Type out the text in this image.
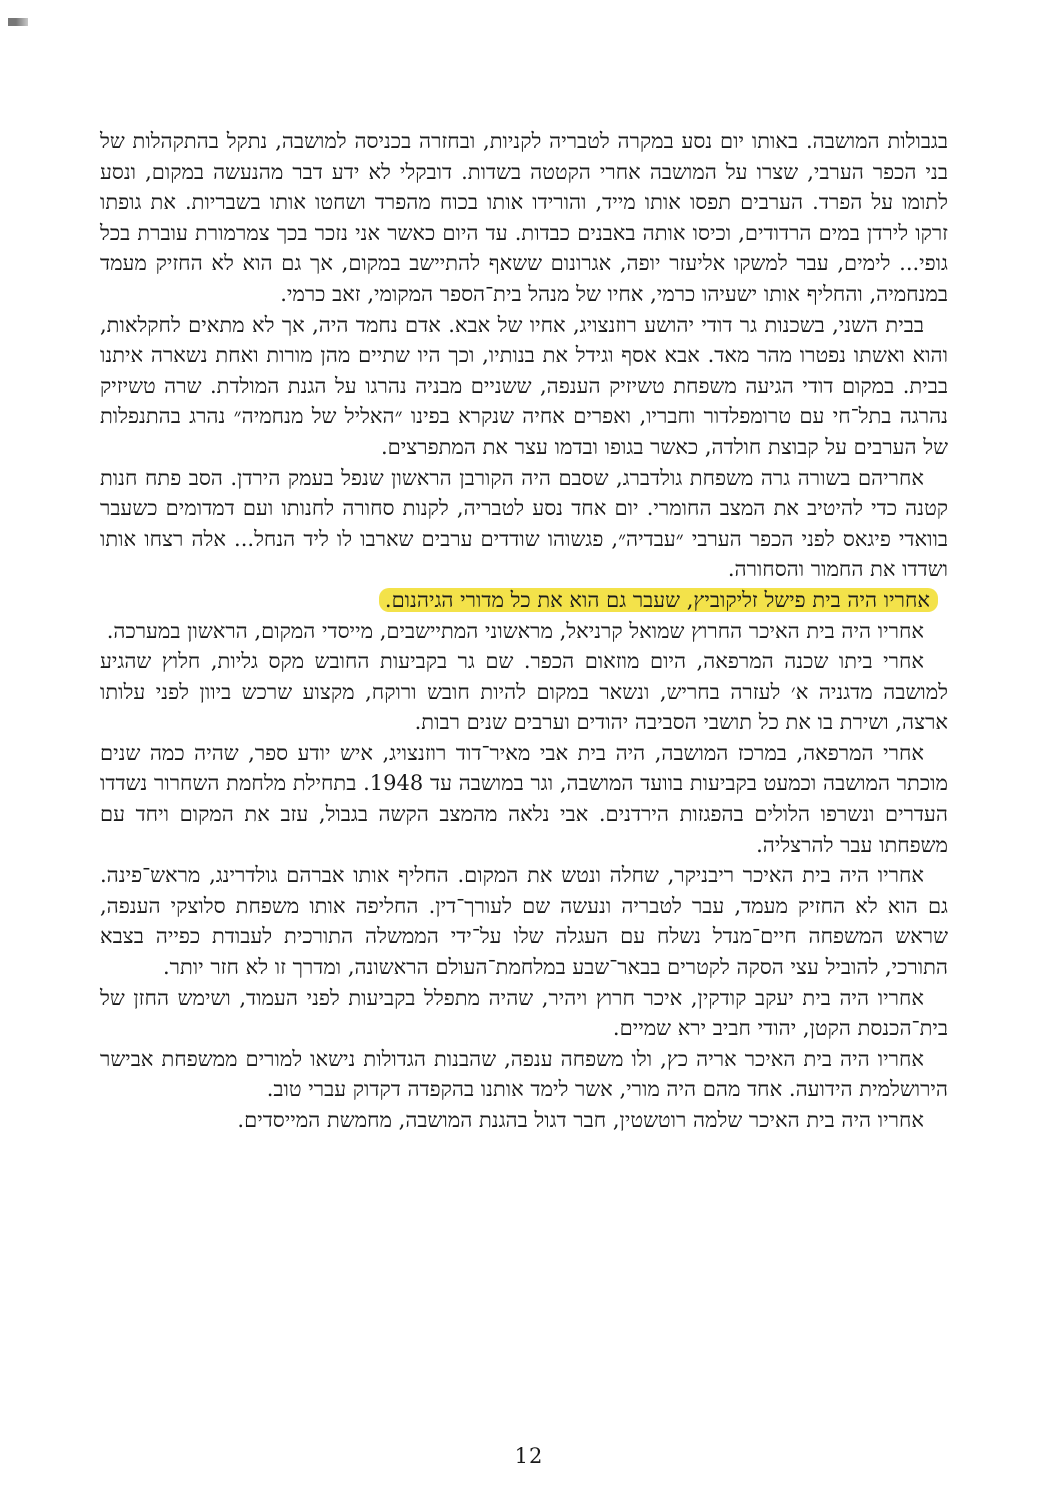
בגבולות המושבה. באותו יום נסע במקרה לטבריה לקניות, ובחזרה בכניסה למושבה, נתקל בהתקהלות של בני הכפר הערבי, שצרו על המושבה אחרי הקטטה בשדות. דובקלי לא ידע דבר מהנעשה במקום, ונסע לתומו על הפרד. הערבים תפסו אותו מייד, והורידו אותו בכוח מהפרד ושחטו אותו בשבריות. את גופתו זרקו לירדן במים הרדודים, וכיסו אותה באבנים כבדות. עד היום כאשר אני נזכר בכך צמרמורת עוברת בכל גופי... לימים, עבר למשקו אליעזר יופה, אגרונום ששאף להתיישב במקום, אך גם הוא לא החזיק מעמד במנחמיה, והחליף אותו ישעיהו כרמי, אחיו של מנהל בית־הספר המקומי, זאב כרמי.

בבית השני, בשכנות גר דודי יהושע רוזנצויג, אחיו של אבא. אדם נחמד היה, אך לא מתאים לחקלאות, והוא ואשתו נפטרו מהר מאד. אבא אסף וגידל את בנותיו, וכך היו שתיים מהן מורות ואחת נשארה איתנו בבית. במקום דודי הגיעה משפחת טשיזיק הענפה, ששניים מבניה נהרגו על הגנת המולדת. שרה טשיזיק נהרגה בתל־חי עם טרומפלדור וחבריו, ואפרים אחיה שנקרא בפינו ״האליל של מנחמיה״ נהרג בהתנפלות של הערבים על קבוצת חולדה, כאשר בגופו ובדמו עצר את המתפרצים.

אחריהם בשורה גרה משפחת גולדברג, שסבם היה הקורבן הראשון שנפל בעמק הירדן. הסב פתח חנות קטנה כדי להיטיב את המצב החומרי. יום אחד נסע לטבריה, לקנות סחורה לחנותו ועם דמדומים כשעבר בוואדי פיגאס לפני הכפר הערבי ״עבדיה״, פגשוהו שודדים ערבים שארבו לו ליד הנחל... אלה רצחו אותו ושדדו את החמור והסחורה.

אחריו היה בית פישל זליקוביץ, שעבר גם הוא את כל מדורי הגיהנום.

אחריו היה בית האיכר החרוץ שמואל קרניאל, מראשוני המתיישבים, מייסדי המקום, הראשון במערכה.

אחרי ביתו שכנה המרפאה, היום מוזאום הכפר. שם גר בקביעות החובש מקס גליות, חלוץ שהגיע למושבה מדגניה א׳ לעזרה בחריש, ונשאר במקום להיות חובש ורוקח, מקצוע שרכש ביוון לפני עלותו ארצה, ושירת בו את כל תושבי הסביבה יהודים וערבים שנים רבות.

אחרי המרפאה, במרכז המושבה, היה בית אבי מאיר־דוד רוזנצויג, איש יודע ספר, שהיה כמה שנים מוכתר המושבה וכמעט בקביעות בוועד המושבה, וגר במושבה עד 1948. בתחילת מלחמת השחרור נשדדו העדרים ונשרפו הלולים בהפגזות הירדנים. אבי נלאה מהמצב הקשה בגבול, עזב את המקום ויחד עם משפחתו עבר להרצליה.

אחריו היה בית האיכר ריבניקר, שחלה ונטש את המקום. החליף אותו אברהם גולדרינג, מראש־פינה. גם הוא לא החזיק מעמד, עבר לטבריה ונעשה שם לעורך־דין. החליפה אותו משפחת סלוצקי הענפה, שראש המשפחה חיים־מנדל נשלח עם העגלה שלו על־ידי הממשלה התורכית לעבודת כפייה בצבא התורכי, להוביל עצי הסקה לקטרים בבאר־שבע במלחמת־העולם הראשונה, ומדרך זו לא חזר יותר.

אחריו היה בית יעקב קודקין, איכר חרוץ ויהיר, שהיה מתפלל בקביעות לפני העמוד, ושימש החזן של בית־הכנסת הקטן, יהודי חביב ירא שמיים.

אחריו היה בית האיכר אריה כץ, ולו משפחה ענפה, שהבנות הגדולות נישאו למורים ממשפחת אבישר הירושלמית הידועה. אחד מהם היה מורי, אשר לימד אותנו בהקפדה דקדוק עברי טוב.

אחריו היה בית האיכר שלמה רוטשטין, חבר דגול בהגנת המושבה, מחמשת המייסדים.

12
